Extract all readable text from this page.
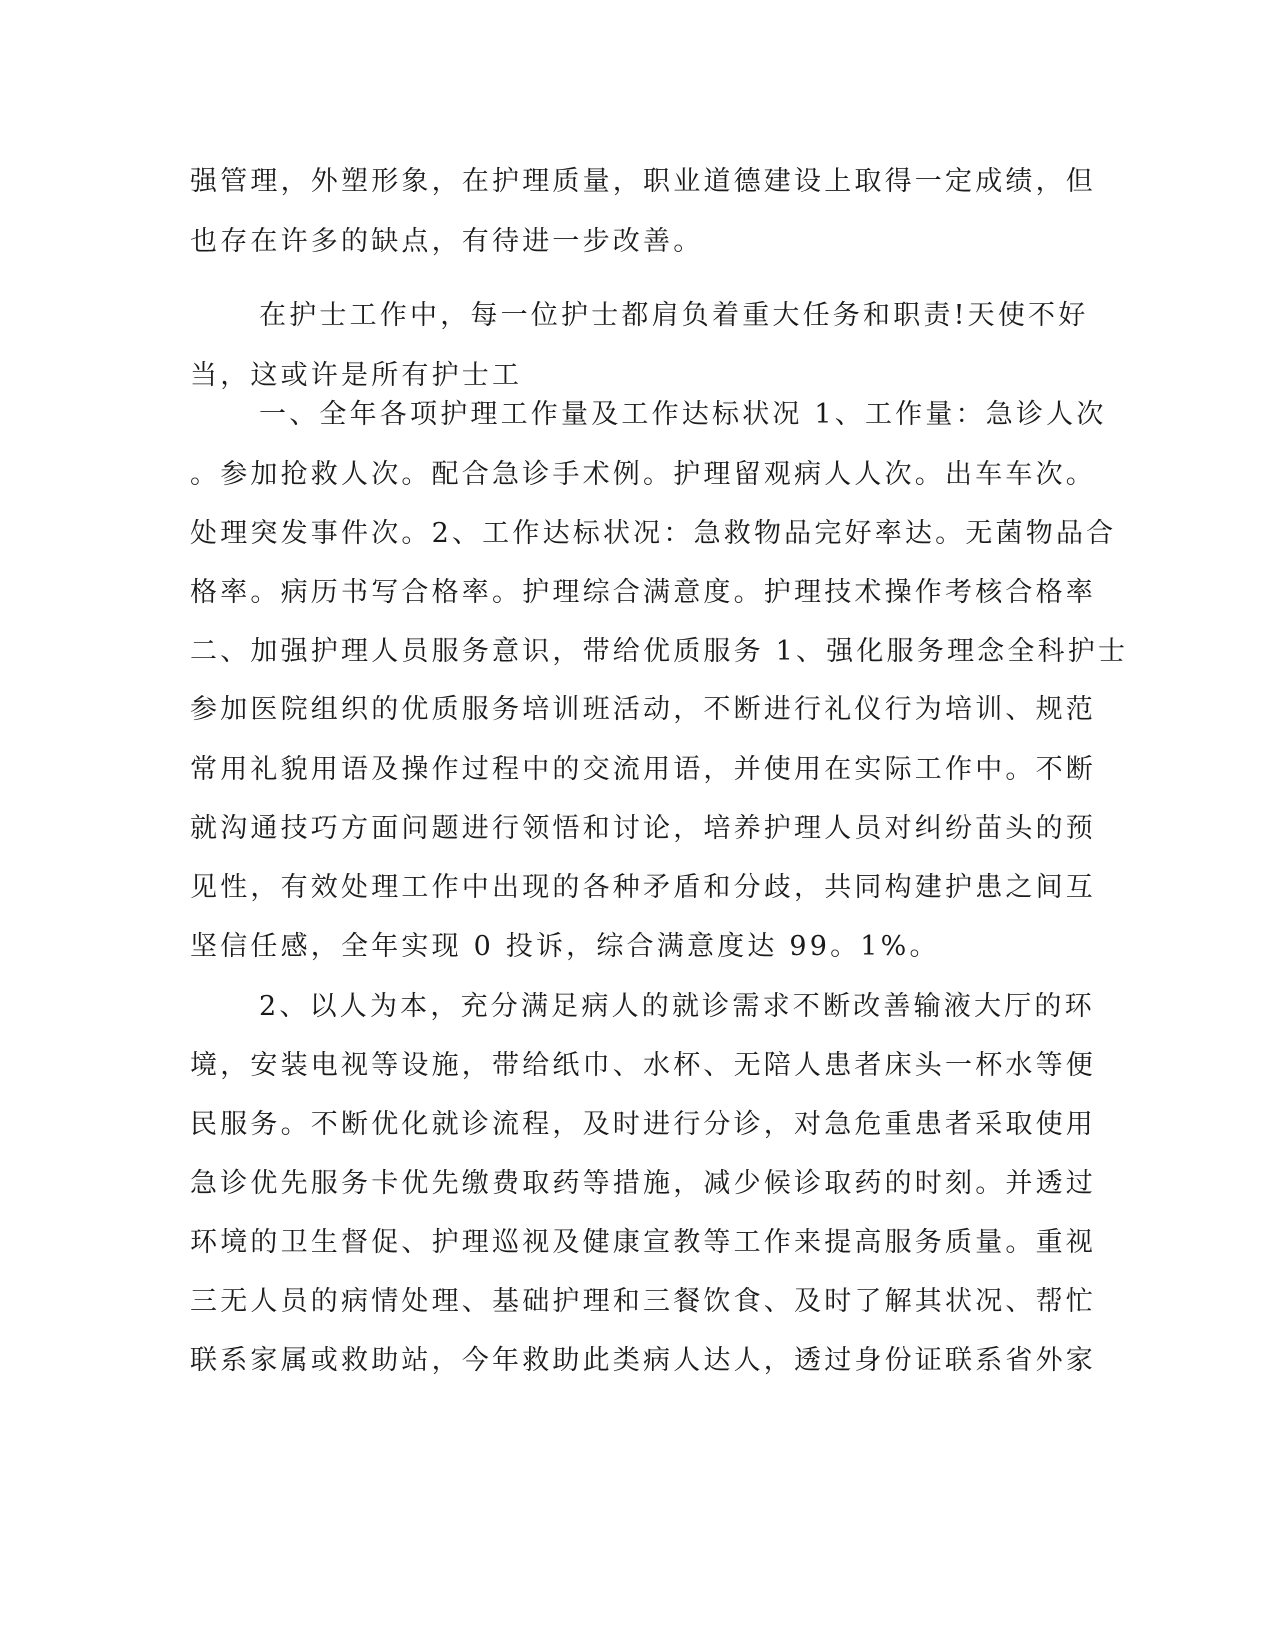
强管理，外塑形象，在护理质量，职业道德建设上取得一定成绩，但
也存在许多的缺点，有待进一步改善。
在护士工作中，每一位护士都肩负着重大任务和职责!天使不好
当，这或许是所有护士工
一、全年各项护理工作量及工作达标状况 1、工作量：急诊人次
。参加抢救人次。配合急诊手术例。护理留观病人人次。出车车次。
处理突发事件次。2、工作达标状况：急救物品完好率达。无菌物品合
格率。病历书写合格率。护理综合满意度。护理技术操作考核合格率
二、加强护理人员服务意识，带给优质服务 1、强化服务理念全科护士
参加医院组织的优质服务培训班活动，不断进行礼仪行为培训、规范
常用礼貌用语及操作过程中的交流用语，并使用在实际工作中。不断
就沟通技巧方面问题进行领悟和讨论，培养护理人员对纠纷苗头的预
见性，有效处理工作中出现的各种矛盾和分歧，共同构建护患之间互
坚信任感，全年实现 0 投诉，综合满意度达 99。1%。
2、以人为本，充分满足病人的就诊需求不断改善输液大厅的环
境，安装电视等设施，带给纸巾、水杯、无陪人患者床头一杯水等便
民服务。不断优化就诊流程，及时进行分诊，对急危重患者采取使用
急诊优先服务卡优先缴费取药等措施，减少候诊取药的时刻。并透过
环境的卫生督促、护理巡视及健康宣教等工作来提高服务质量。重视
三无人员的病情处理、基础护理和三餐饮食、及时了解其状况、帮忙
联系家属或救助站，今年救助此类病人达人，透过身份证联系省外家
